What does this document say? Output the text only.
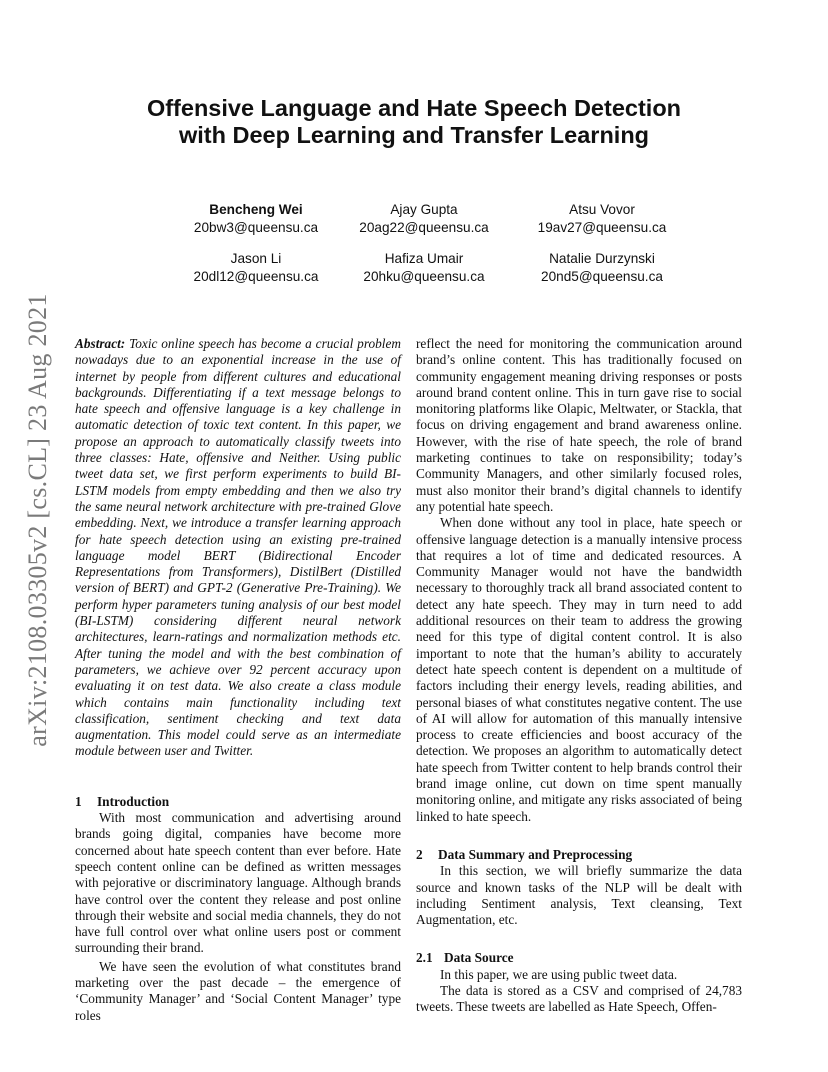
arXiv:2108.03305v2 [cs.CL] 23 Aug 2021
Offensive Language and Hate Speech Detection
with Deep Learning and Transfer Learning
Bencheng Wei
20bw3@queensu.ca
Ajay Gupta
20ag22@queensu.ca
Atsu Vovor
19av27@queensu.ca
Jason Li
20dl12@queensu.ca
Hafiza Umair
20hku@queensu.ca
Natalie Durzynski
20nd5@queensu.ca

Abstract: Toxic online speech has become a crucial problem nowadays due to an exponential increase in the use of internet by people from different cultures and educational backgrounds. Differentiating if a text message belongs to hate speech and offensive language is a key challenge in automatic detection of toxic text content. In this paper, we propose an approach to automatically classify tweets into three classes: Hate, offensive and Neither. Using public tweet data set, we first perform experiments to build BI-LSTM models from empty embedding and then we also try the same neural network architecture with pre-trained Glove embedding. Next, we introduce a transfer learning approach for hate speech detection using an existing pre-trained language model BERT (Bidirectional Encoder Representations from Transformers), DistilBert (Distilled version of BERT) and GPT-2 (Generative Pre-Training). We perform hyper parameters tuning analysis of our best model (BI-LSTM) considering different neural network architectures, learn-ratings and normalization methods etc. After tuning the model and with the best combination of parameters, we achieve over 92 percent accuracy upon evaluating it on test data. We also create a class module which contains main functionality including text classification, sentiment checking and text data augmentation. This model could serve as an intermediate module between user and Twitter.

1 Introduction

With most communication and advertising around brands going digital, companies have become more concerned about hate speech content than ever before. Hate speech content online can be defined as written messages with pejorative or discriminatory language. Although brands have control over the content they release and post online through their website and social media channels, they do not have full control over what online users post or comment surrounding their brand.

We have seen the evolution of what constitutes brand marketing over the past decade – the emergence of ‘Community Manager’ and ‘Social Content Manager’ type roles

reflect the need for monitoring the communication around brand’s online content. This has traditionally focused on community engagement meaning driving responses or posts around brand content online. This in turn gave rise to social monitoring platforms like Olapic, Meltwater, or Stackla, that focus on driving engagement and brand awareness online. However, with the rise of hate speech, the role of brand marketing continues to take on responsibility; today’s Community Managers, and other similarly focused roles, must also monitor their brand’s digital channels to identify any potential hate speech.

When done without any tool in place, hate speech or offensive language detection is a manually intensive process that requires a lot of time and dedicated resources. A Community Manager would not have the bandwidth necessary to thoroughly track all brand associated content to detect any hate speech. They may in turn need to add additional resources on their team to address the growing need for this type of digital content control. It is also important to note that the human’s ability to accurately detect hate speech content is dependent on a multitude of factors including their energy levels, reading abilities, and personal biases of what constitutes negative content. The use of AI will allow for automation of this manually intensive process to create efficiencies and boost accuracy of the detection. We proposes an algorithm to automatically detect hate speech from Twitter content to help brands control their brand image online, cut down on time spent manually monitoring online, and mitigate any risks associated of being linked to hate speech.

2 Data Summary and Preprocessing

In this section, we will briefly summarize the data source and known tasks of the NLP will be dealt with including Sentiment analysis, Text cleansing, Text Augmentation, etc.

2.1 Data Source

In this paper, we are using public tweet data.

The data is stored as a CSV and comprised of 24,783 tweets. These tweets are labelled as Hate Speech, Offen-
